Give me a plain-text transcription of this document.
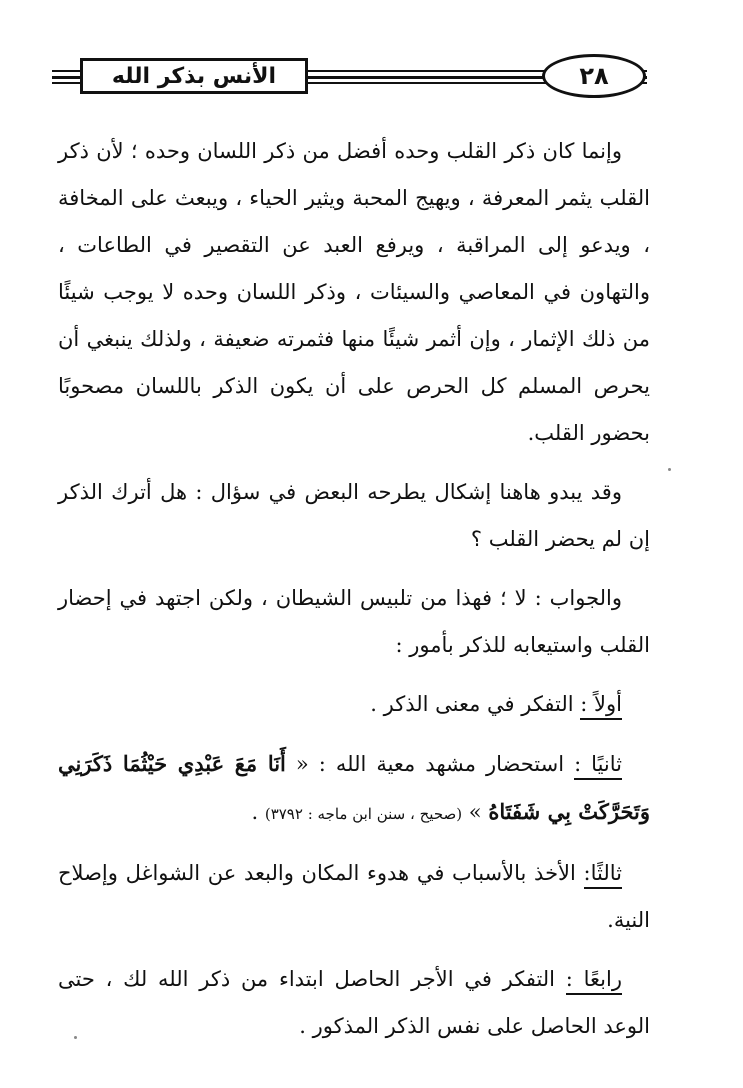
الأنس بذكر الله	٢٨

وإنما كان ذكر القلب وحده أفضل من ذكر اللسان وحده ؛ لأن ذكر القلب يثمر المعرفة ، ويهيج المحبة ويثير الحياء ، ويبعث على المخافة ، ويدعو إلى المراقبة ، ويرفع العبد عن التقصير في الطاعات ، والتهاون في المعاصي والسيئات ، وذكر اللسان وحده لا يوجب شيئًا من ذلك الإثمار ، وإن أثمر شيئًا منها فثمرته ضعيفة ، ولذلك ينبغي أن يحرص المسلم كل الحرص على أن يكون الذكر باللسان مصحوبًا بحضور القلب.

وقد يبدو هاهنا إشكال يطرحه البعض في سؤال : هل أترك الذكر إن لم يحضر القلب ؟

والجواب : لا ؛ فهذا من تلبيس الشيطان ، ولكن اجتهد في إحضار القلب واستيعابه للذكر بأمور :

أولاً : التفكر في معنى الذكر .

ثانيًا : استحضار مشهد معية الله : « أَنَا مَعَ عَبْدِي حَيْثُمَا ذَكَرَنِي وَتَحَرَّكَتْ بِي شَفَتَاهُ » (صحيح ، سنن ابن ماجه : ٣٧٩٢) .

ثالثًا: الأخذ بالأسباب في هدوء المكان والبعد عن الشواغل وإصلاح النية.

رابعًا : التفكر في الأجر الحاصل ابتداء من ذكر الله لك ، حتى الوعد الحاصل على نفس الذكر المذكور .
